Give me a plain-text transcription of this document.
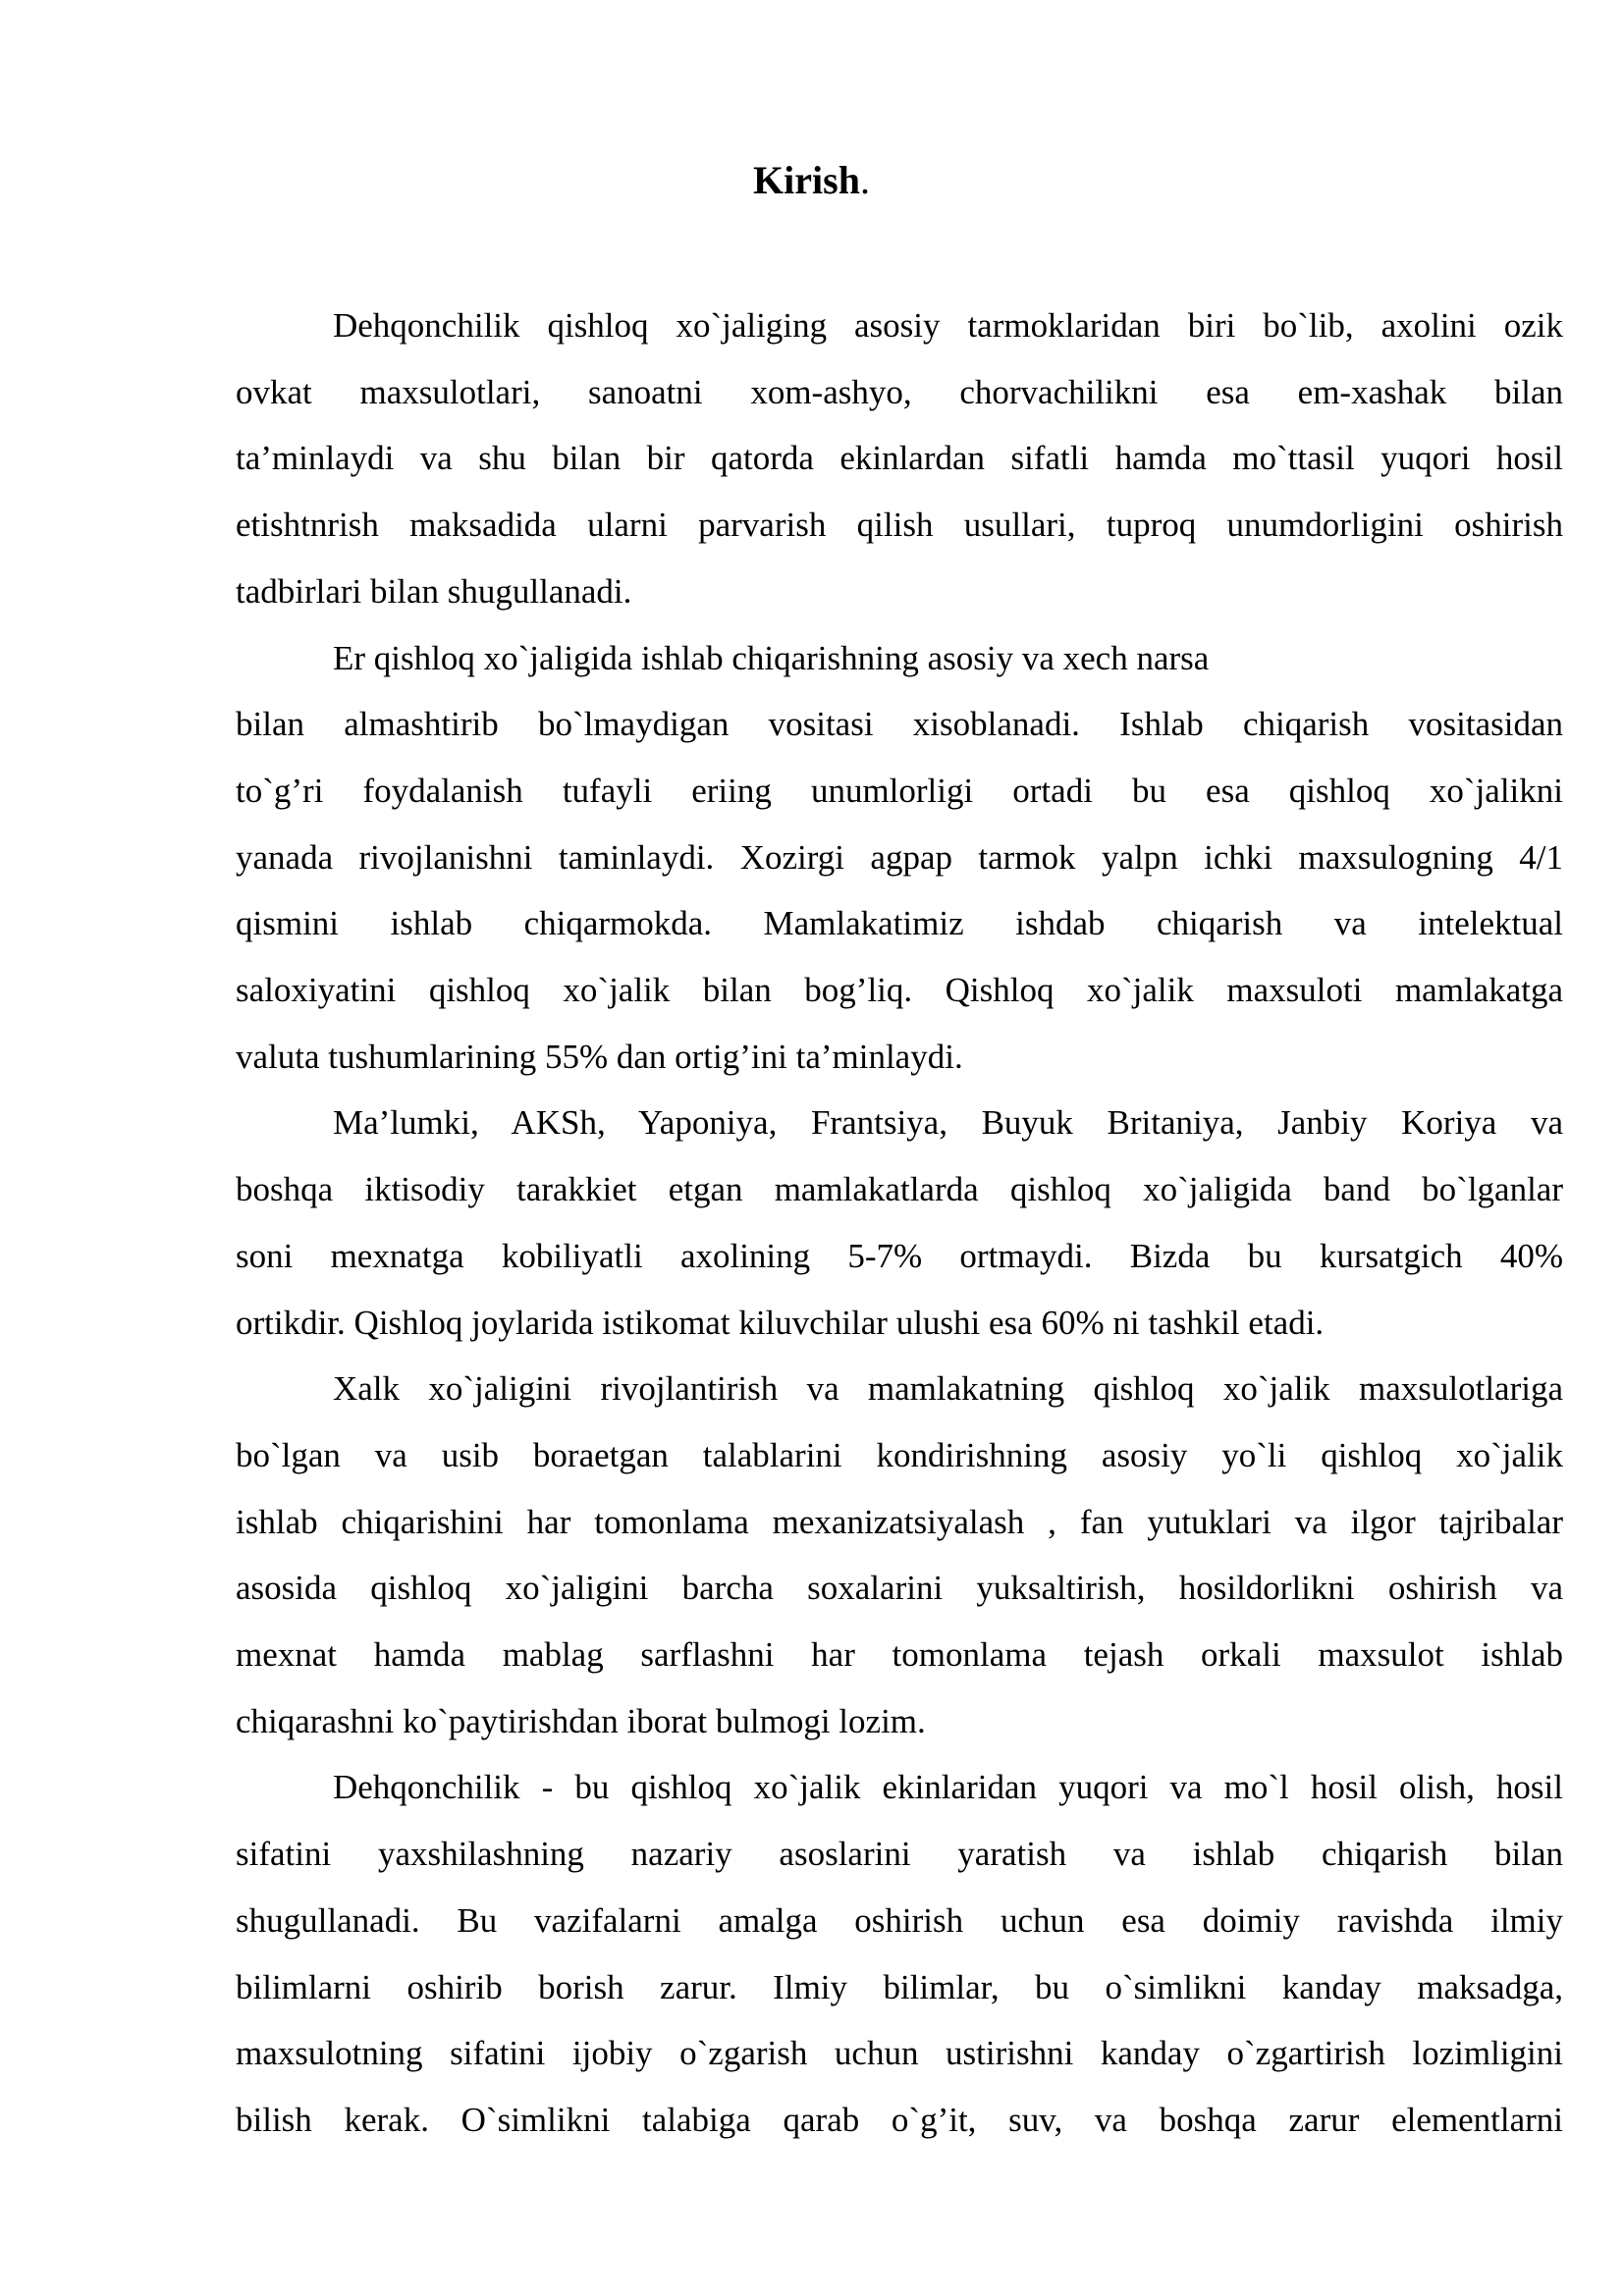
Kirish.

Dehqonchilik qishloq xo`jaliging asosiy tarmoklaridan biri bo`lib, axolini ozik
ovkat maxsulotlari, sanoatni xom-ashyo, chorvachilikni esa em-xashak bilan
ta’minlaydi va shu bilan bir qatorda ekinlardan sifatli hamda mo`ttasil yuqori hosil
etishtnrish maksadida ularni parvarish qilish usullari, tuproq unumdorligini oshirish
tadbirlari bilan shugullanadi.

Er qishloq xo`jaligida ishlab chiqarishning asosiy va xech narsa

bilan almashtirib bo`lmaydigan vositasi xisoblanadi. Ishlab chiqarish vositasidan
to`g’ri foydalanish tufayli eriing unumlorligi ortadi bu esa qishloq xo`jalikni
yanada rivojlanishni taminlaydi. Xozirgi agpap tarmok yalpn ichki maxsulogning 4/1
qismini ishlab chiqarmokda. Mamlakatimiz ishdab chiqarish va intelektual
saloxiyatini qishloq xo`jalik bilan bog’liq. Qishloq xo`jalik maxsuloti mamlakatga
valuta tushumlarining 55% dan ortig’ini ta’minlaydi.

Ma’lumki, AKSh, Yaponiya, Frantsiya, Buyuk Britaniya, Janbiy Koriya va
boshqa iktisodiy tarakkiet etgan mamlakatlarda qishloq xo`jaligida band bo`lganlar
soni mexnatga kobiliyatli axolining 5-7% ortmaydi. Bizda bu kursatgich 40%
ortikdir. Qishloq joylarida istikomat kiluvchilar ulushi esa 60% ni tashkil etadi.

Xalk xo`jaligini rivojlantirish va mamlakatning qishloq xo`jalik maxsulotlariga
bo`lgan va usib boraetgan talablarini kondirishning asosiy yo`li qishloq xo`jalik
ishlab chiqarishini har tomonlama mexanizatsiyalash , fan yutuklari va ilgor tajribalar
asosida qishloq xo`jaligini barcha soxalarini yuksaltirish, hosildorlikni oshirish va
mexnat hamda mablag sarflashni har tomonlama tejash orkali maxsulot ishlab
chiqarashni ko`paytirishdan iborat bulmogi lozim.

Dehqonchilik - bu qishloq xo`jalik ekinlaridan yuqori va mo`l hosil olish, hosil
sifatini yaxshilashning nazariy asoslarini yaratish va ishlab chiqarish bilan
shugullanadi. Bu vazifalarni amalga oshirish uchun esa doimiy ravishda ilmiy
bilimlarni oshirib borish zarur. Ilmiy bilimlar, bu o`simlikni kanday maksadga,
maxsulotning sifatini ijobiy o`zgarish uchun ustirishni kanday o`zgartirish lozimligini
bilish kerak. O`simlikni talabiga qarab o`g’it, suv, va boshqa zarur elementlarni
